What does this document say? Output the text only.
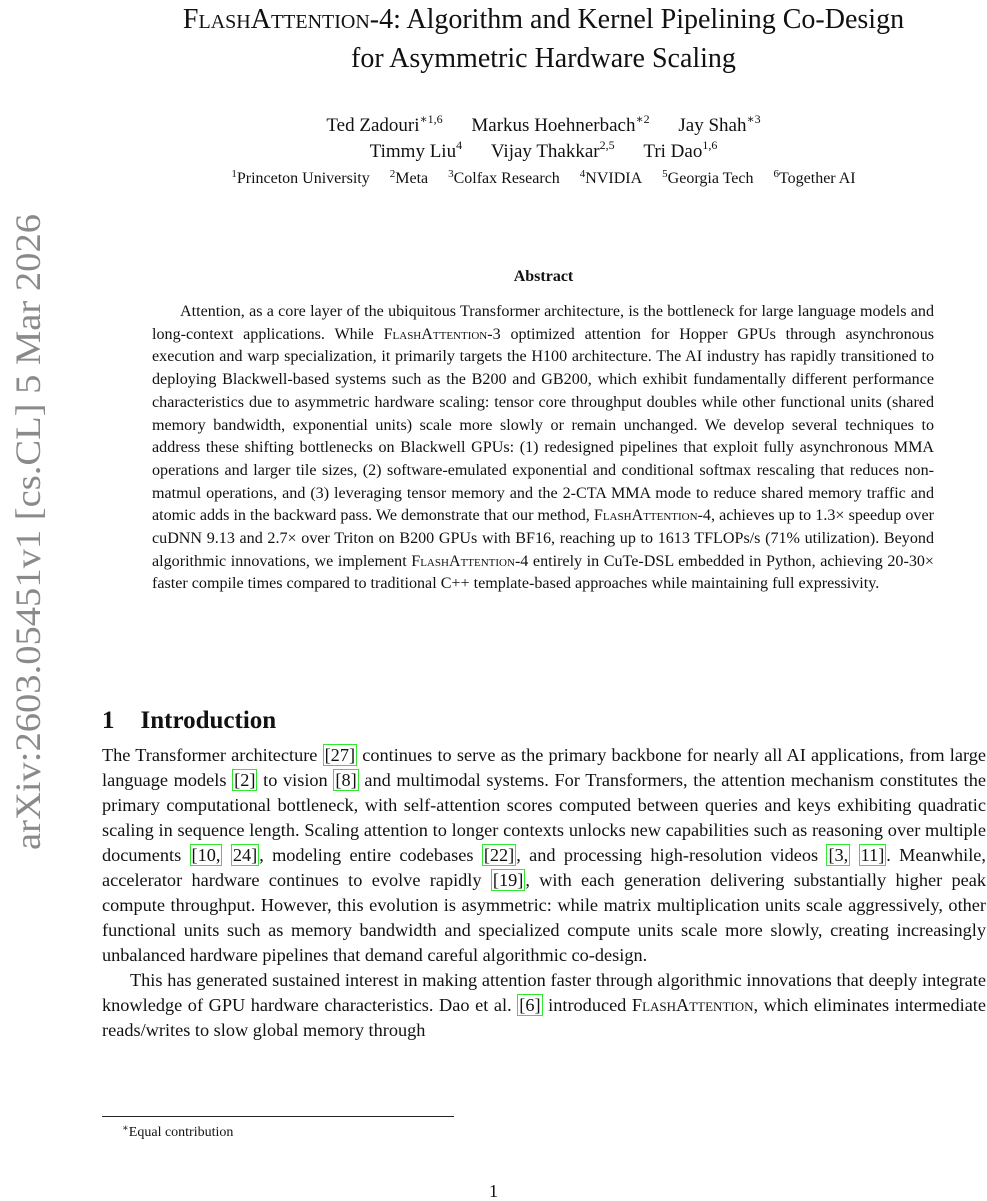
arXiv:2603.05451v1 [cs.CL] 5 Mar 2026
FlashAttention-4: Algorithm and Kernel Pipelining Co-Design
for Asymmetric Hardware Scaling
Ted Zadouri$^{∗1,6}$ Markus Hoehnerbach$^{∗2}$ Jay Shah$^{∗3}$
Timmy Liu$^4$ Vijay Thakkar$^{2,5}$ Tri Dao$^{1,6}$
$^1$Princeton University $^2$Meta $^3$Colfax Research $^4$NVIDIA $^5$Georgia Tech $^6$Together AI
Abstract

Attention, as a core layer of the ubiquitous Transformer architecture, is the bottleneck for large language models and long-context applications. While FlashAttention-3 optimized attention for Hopper GPUs through asynchronous execution and warp specialization, it primarily targets the H100 architecture. The AI industry has rapidly transitioned to deploying Blackwell-based systems such as the B200 and GB200, which exhibit fundamentally different performance characteristics due to asymmetric hardware scaling: tensor core throughput doubles while other functional units (shared memory bandwidth, exponential units) scale more slowly or remain unchanged. We develop several techniques to address these shifting bottlenecks on Blackwell GPUs: (1) redesigned pipelines that exploit fully asynchronous MMA operations and larger tile sizes, (2) software-emulated exponential and conditional softmax rescaling that reduces non-matmul operations, and (3) leveraging tensor memory and the 2-CTA MMA mode to reduce shared memory traffic and atomic adds in the backward pass. We demonstrate that our method, FlashAttention-4, achieves up to 1.3× speedup over cuDNN 9.13 and 2.7× over Triton on B200 GPUs with BF16, reaching up to 1613 TFLOPs/s (71% utilization). Beyond algorithmic innovations, we implement FlashAttention-4 entirely in CuTe-DSL embedded in Python, achieving 20-30× faster compile times compared to traditional C++ template-based approaches while maintaining full expressivity.

1 Introduction

The Transformer architecture [27] continues to serve as the primary backbone for nearly all AI applications, from large language models [2] to vision [8] and multimodal systems. For Transformers, the attention mechanism constitutes the primary computational bottleneck, with self-attention scores computed between queries and keys exhibiting quadratic scaling in sequence length. Scaling attention to longer contexts unlocks new capabilities such as reasoning over multiple documents [10, 24] , modeling entire codebases [22] , and processing high-resolution videos [3, 11] . Meanwhile, accelerator hardware continues to evolve rapidly [19] , with each generation delivering substantially higher peak compute throughput. However, this evolution is asymmetric: while matrix multiplication units scale aggressively, other functional units such as memory bandwidth and specialized compute units scale more slowly, creating increasingly unbalanced hardware pipelines that demand careful algorithmic co-design.

This has generated sustained interest in making attention faster through algorithmic innovations that deeply integrate knowledge of GPU hardware characteristics. Dao et al. [6] introduced FlashAttention, which eliminates intermediate reads/writes to slow global memory through

∗Equal contribution
1
